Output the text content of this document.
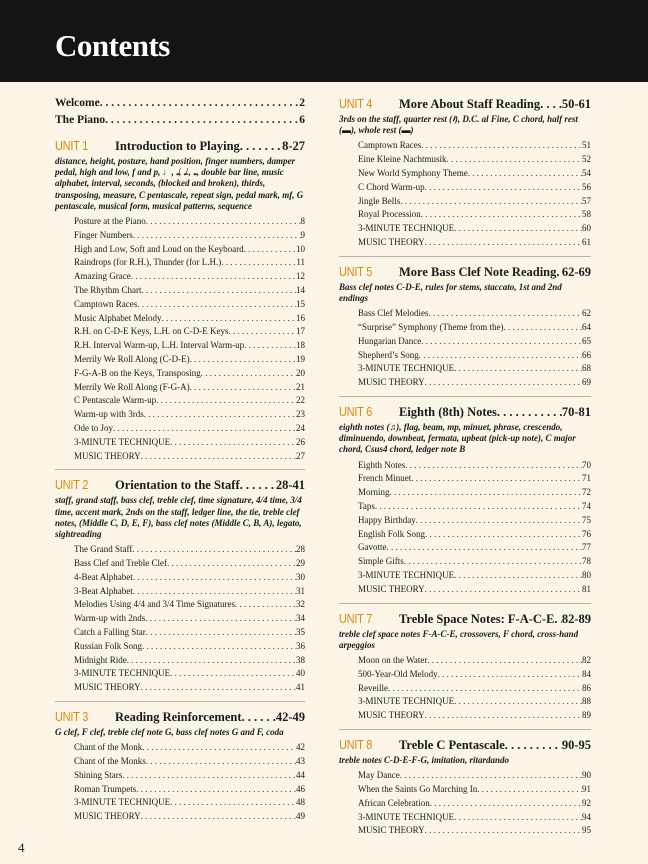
Contents
Welcome . . .	2
The Piano . . .	6
UNIT 1	Introduction to Playing . . .	8-27
distance, height, posture, hand position, finger numbers, damper pedal, high and low, f and p, ♩, 𝅗𝅥, 𝅗𝅥., 𝅝, double bar line, music alphabet, interval, seconds, (blocked and broken), thirds, transposing, measure, C pentascale, repeat sign, pedal mark, mf, G pentascale, musical form, musical patterns, sequence
Posture at the Piano . . .	8
Finger Numbers . . .	9
High and Low, Soft and Loud on the Keyboard . . .	10
Raindrops (for R.H.), Thunder (for L.H.) . . .	11
Amazing Grace . . .	12
The Rhythm Chart . . .	14
Camptown Races . . .	15
Music Alphabet Melody . . .	16
R.H. on C-D-E Keys, L.H. on C-D-E Keys . . .	17
R.H. Interval Warm-up, L.H. Interval Warm-up . . .	18
Merrily We Roll Along (C-D-E) . . .	19
F-G-A-B on the Keys, Transposing . . .	20
Merrily We Roll Along (F-G-A) . . .	21
C Pentascale Warm-up . . .	22
Warm-up with 3rds . . .	23
Ode to Joy . . .	24
3-MINUTE TECHNIQUE . . .	26
MUSIC THEORY . . .	27
UNIT 2	Orientation to the Staff . . .	28-41
staff, grand staff, bass clef, treble clef, time signature, 4/4 time, 3/4 time, accent mark, 2nds on the staff, ledger line, the tie, treble clef notes, (Middle C, D, E, F), bass clef notes (Middle C, B, A), legato, sightreading
The Grand Staff . . .	28
Bass Clef and Treble Clef . . .	29
4-Beat Alphabet . . .	30
3-Beat Alphabet . . .	31
Melodies Using 4/4 and 3/4 Time Signatures . . .	32
Warm-up with 2nds . . .	34
Catch a Falling Star . . .	35
Russian Folk Song . . .	36
Midnight Ride . . .	38
3-MINUTE TECHNIQUE . . .	40
MUSIC THEORY . . .	41
UNIT 3	Reading Reinforcement . . .	42-49
G clef, F clef, treble clef note G, bass clef notes G and F, coda
Chant of the Monk . . .	42
Chant of the Monks . . .	43
Shining Stars . . .	44
Roman Trumpets . . .	46
3-MINUTE TECHNIQUE . . .	48
MUSIC THEORY . . .	49
UNIT 4	More About Staff Reading . . . 50-61
3rds on the staff, quarter rest (𝄽), D.C. al Fine, C chord, half rest (▬), whole rest (▬)
Camptown Races . . .	51
Eine Kleine Nachtmusik . . .	52
New World Symphony Theme . . .	54
C Chord Warm-up . . .	56
Jingle Bells . . .	57
Royal Procession . . .	58
3-MINUTE TECHNIQUE . . .	60
MUSIC THEORY . . .	61
UNIT 5	More Bass Clef Note Reading . . . 62-69
Bass clef notes C-D-E, rules for stems, staccato, 1st and 2nd endings
Bass Clef Melodies . . .	62
“Surprise” Symphony (Theme from the) . . .	64
Hungarian Dance . . .	65
Shepherd’s Song . . .	66
3-MINUTE TECHNIQUE . . .	68
MUSIC THEORY . . .	69
UNIT 6	Eighth (8th) Notes . . .	70-81
eighth notes (♫), flag, beam, mp, minuet, phrase, crescendo, diminuendo, downbeat, fermata, upbeat (pick-up note), C major chord, Csus4 chord, ledger note B
Eighth Notes . . .	70
French Minuet . . .	71
Morning . . .	72
Taps . . .	74
Happy Birthday . . .	75
English Folk Song . . .	76
Gavotte . . .	77
Simple Gifts . . .	78
3-MINUTE TECHNIQUE . . .	80
MUSIC THEORY . . .	81
UNIT 7	Treble Space Notes: F-A-C-E . . . 82-89
treble clef space notes F-A-C-E, crossovers, F chord, cross-hand arpeggios
Moon on the Water . . .	82
500-Year-Old Melody . . .	84
Reveille . . .	86
3-MINUTE TECHNIQUE . . .	88
MUSIC THEORY . . .	89
UNIT 8	Treble C Pentascale . . .	90-95
treble notes C-D-E-F-G, imitation, ritardando
May Dance . . .	90
When the Saints Go Marching In . . .	91
African Celebration . . .	92
3-MINUTE TECHNIQUE . . .	94
MUSIC THEORY . . .	95
4
